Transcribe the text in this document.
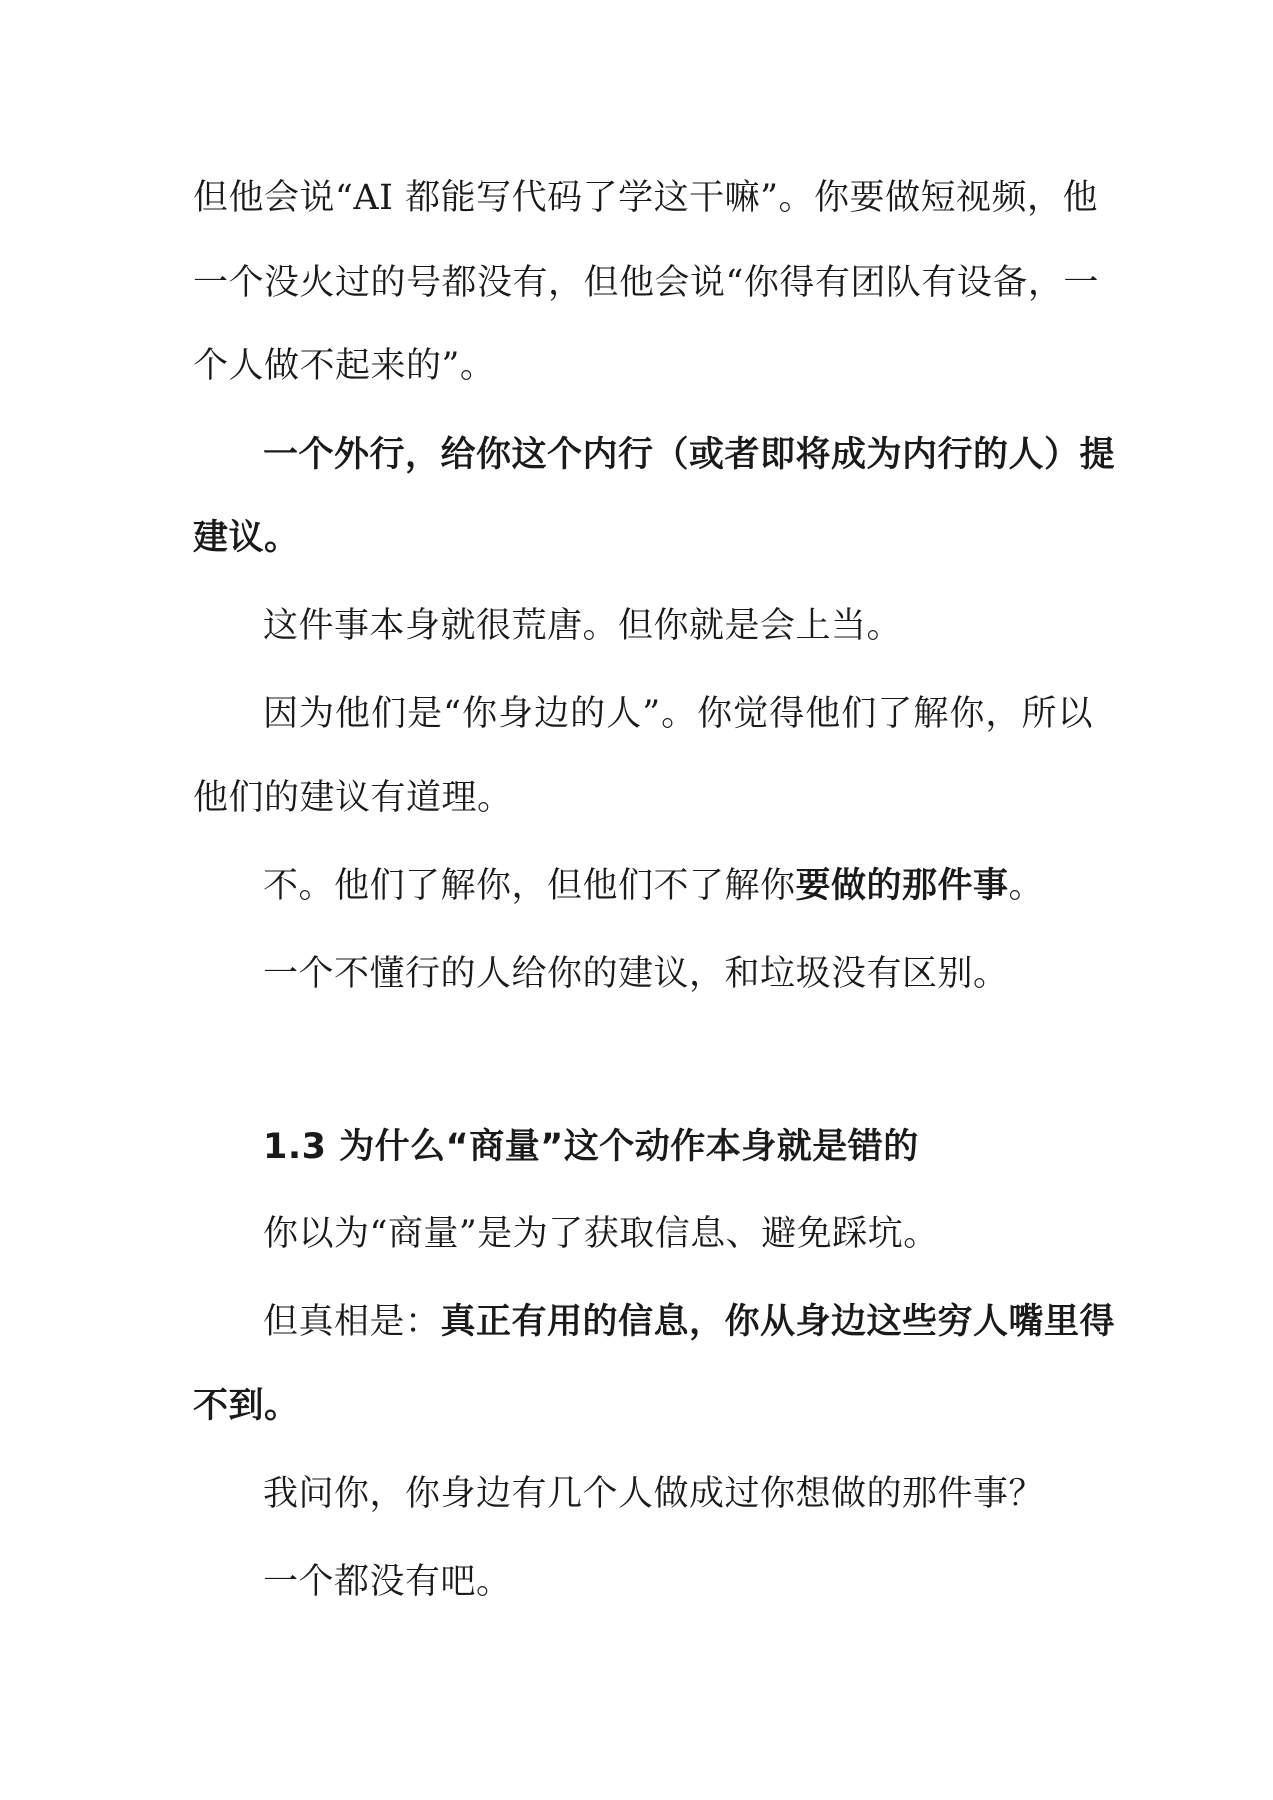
但他会说“AI 都能写代码了学这干嘛”。你要做短视频，他
一个没火过的号都没有，但他会说“你得有团队有设备，一
个人做不起来的”。
一个外行，给你这个内行（或者即将成为内行的人）提
建议。
这件事本身就很荒唐。但你就是会上当。
因为他们是“你身边的人”。你觉得他们了解你，所以
他们的建议有道理。
不。他们了解你，但他们不了解你要做的那件事。
一个不懂行的人给你的建议，和垃圾没有区别。
1.3 为什么“商量”这个动作本身就是错的
你以为“商量”是为了获取信息、避免踩坑。
但真相是：真正有用的信息，你从身边这些穷人嘴里得
不到。
我问你，你身边有几个人做成过你想做的那件事？
一个都没有吧。
